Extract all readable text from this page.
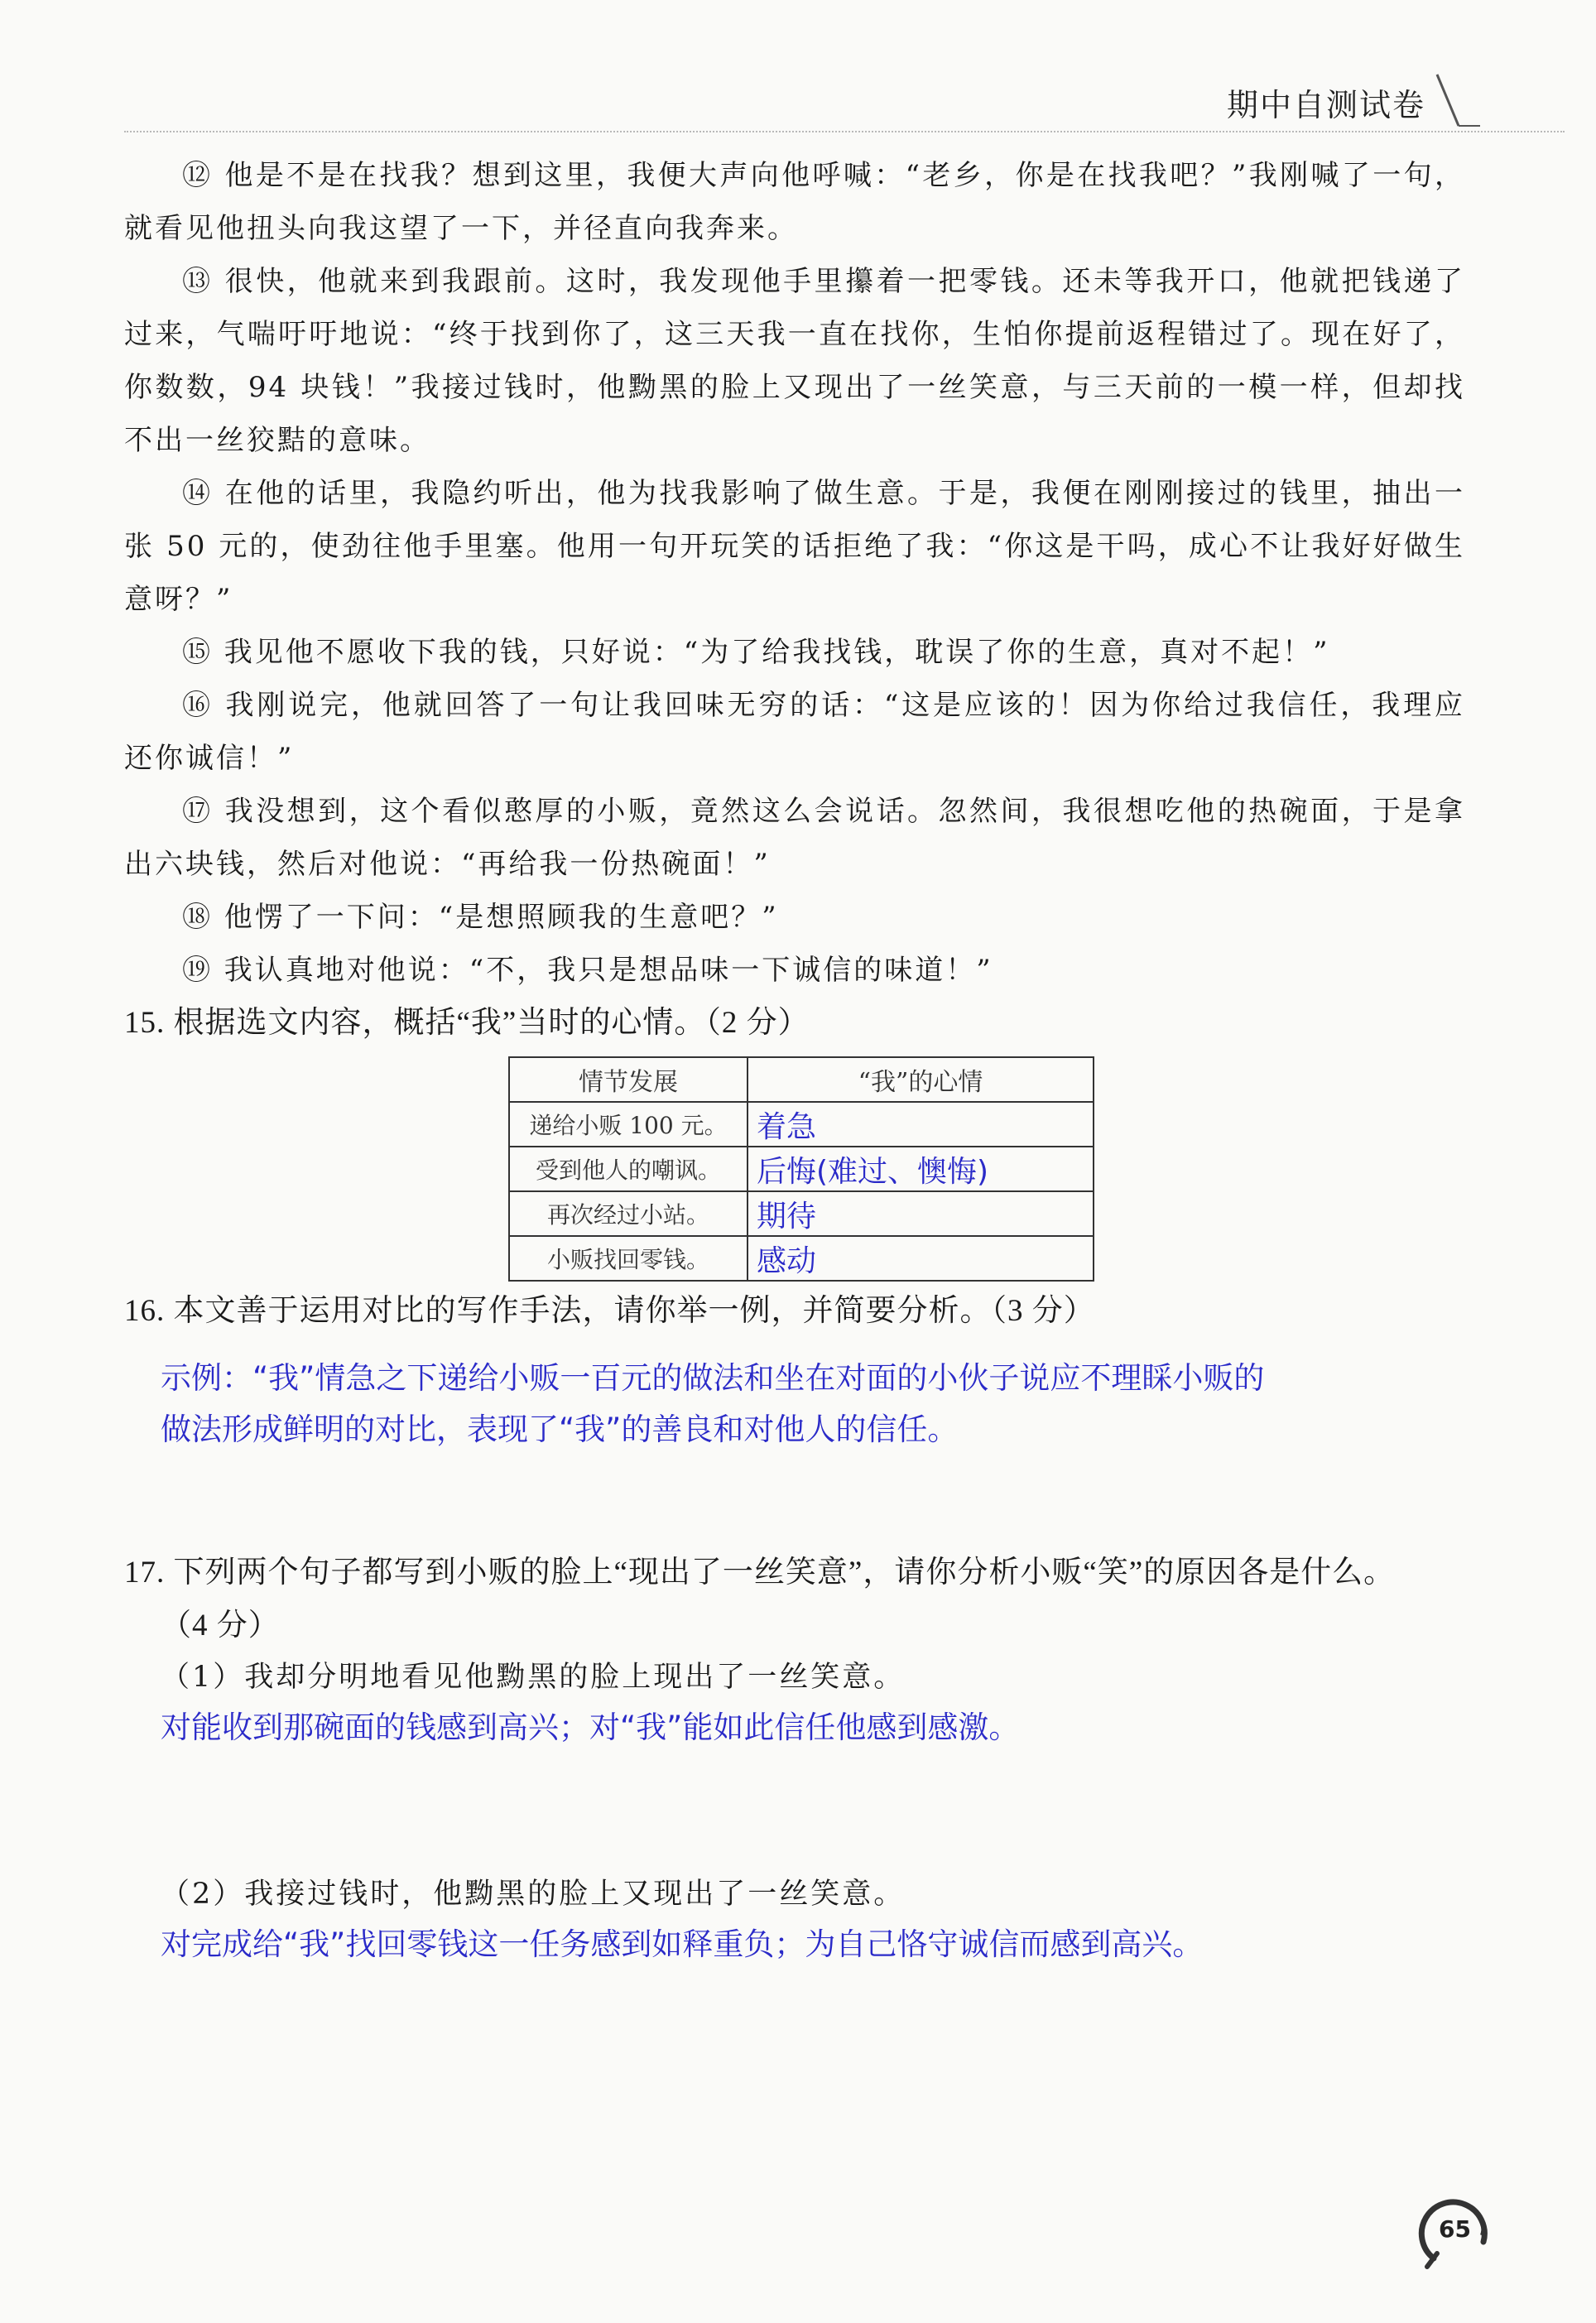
期中自测试卷

⑫ 他是不是在找我？想到这里，我便大声向他呼喊：“老乡，你是在找我吧？”我刚喊了一句，就看见他扭头向我这望了一下，并径直向我奔来。

⑬ 很快，他就来到我跟前。这时，我发现他手里攥着一把零钱。还未等我开口，他就把钱递了过来，气喘吁吁地说：“终于找到你了，这三天我一直在找你，生怕你提前返程错过了。现在好了，你数数，94 块钱！”我接过钱时，他黝黑的脸上又现出了一丝笑意，与三天前的一模一样，但却找不出一丝狡黠的意味。

⑭ 在他的话里，我隐约听出，他为找我影响了做生意。于是，我便在刚刚接过的钱里，抽出一张 50 元的，使劲往他手里塞。他用一句开玩笑的话拒绝了我：“你这是干吗，成心不让我好好做生意呀？”

⑮ 我见他不愿收下我的钱，只好说：“为了给我找钱，耽误了你的生意，真对不起！”

⑯ 我刚说完，他就回答了一句让我回味无穷的话：“这是应该的！因为你给过我信任，我理应还你诚信！”

⑰ 我没想到，这个看似憨厚的小贩，竟然这么会说话。忽然间，我很想吃他的热碗面，于是拿出六块钱，然后对他说：“再给我一份热碗面！”

⑱ 他愣了一下问：“是想照顾我的生意吧？”

⑲ 我认真地对他说：“不，我只是想品味一下诚信的味道！”

15. 根据选文内容，概括“我”当时的心情。（2 分）

情节发展	“我”的心情
递给小贩 100 元。	着急
受到他人的嘲讽。	后悔(难过、懊悔)
再次经过小站。	期待
小贩找回零钱。	感动

16. 本文善于运用对比的写作手法，请你举一例，并简要分析。（3 分）

示例：“我”情急之下递给小贩一百元的做法和坐在对面的小伙子说应不理睬小贩的

做法形成鲜明的对比，表现了“我”的善良和对他人的信任。

17. 下列两个句子都写到小贩的脸上“现出了一丝笑意”，请你分析小贩“笑”的原因各是什么。

（4 分）

（1）我却分明地看见他黝黑的脸上现出了一丝笑意。

对能收到那碗面的钱感到高兴；对“我”能如此信任他感到感激。

（2）我接过钱时，他黝黑的脸上又现出了一丝笑意。

对完成给“我”找回零钱这一任务感到如释重负；为自己恪守诚信而感到高兴。

65
